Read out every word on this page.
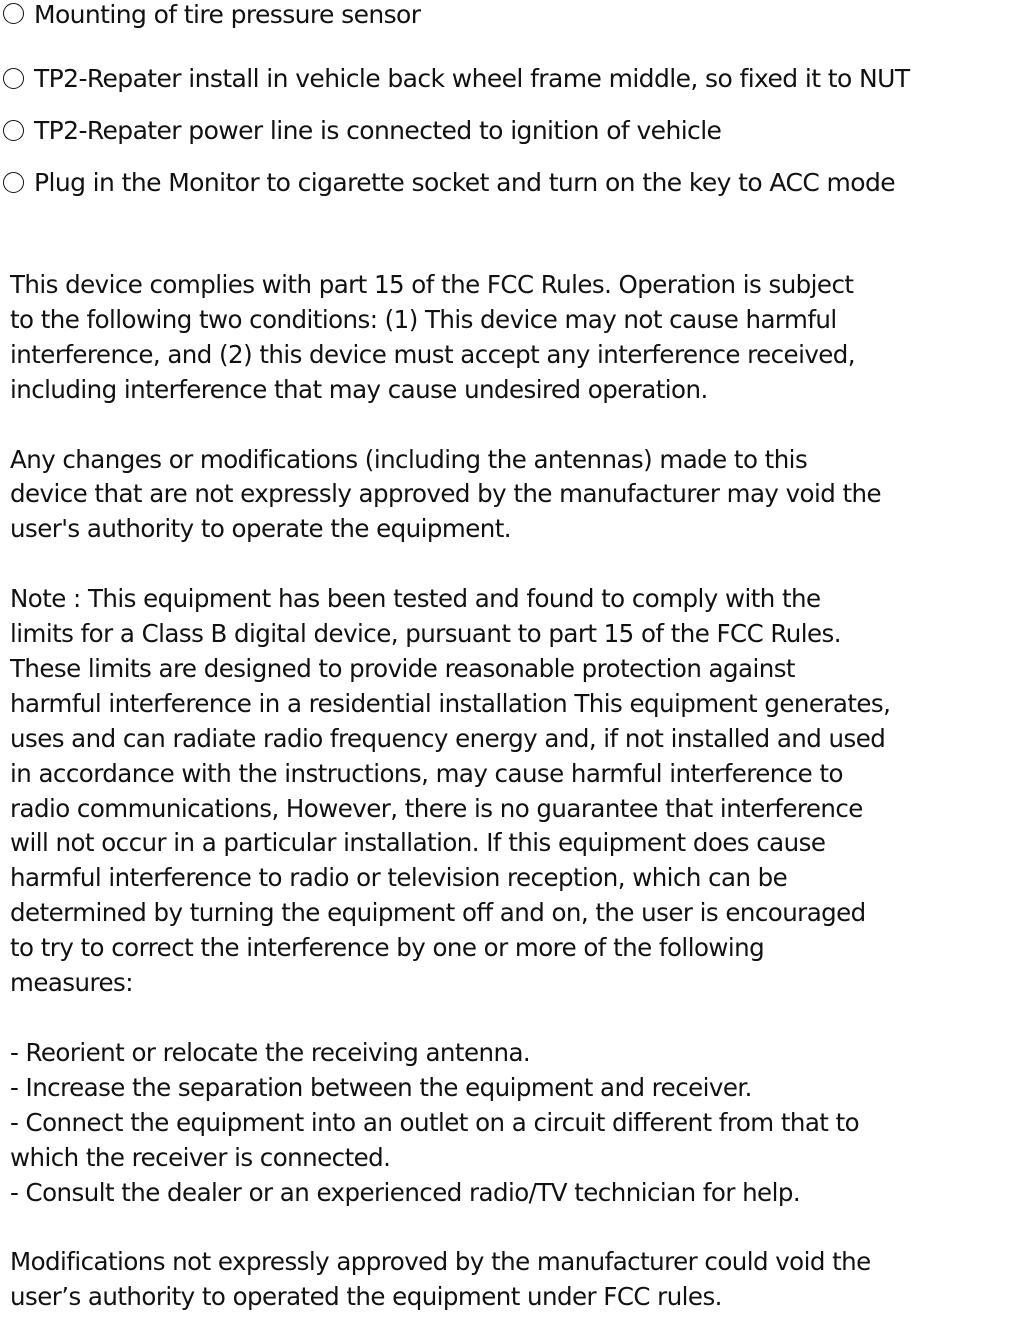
Mounting of tire pressure sensor
TP2-Repater install in vehicle back wheel frame middle, so fixed it to NUT
TP2-Repater power line is connected to ignition of vehicle
Plug in the Monitor to cigarette socket and turn on the key to ACC mode

This device complies with part 15 of the FCC Rules. Operation is subject
to the following two conditions: (1) This device may not cause harmful
interference, and (2) this device must accept any interference received,
including interference that may cause undesired operation.

Any changes or modifications (including the antennas) made to this
device that are not expressly approved by the manufacturer may void the
user's authority to operate the equipment.

Note : This equipment has been tested and found to comply with the
limits for a Class B digital device, pursuant to part 15 of the FCC Rules.
These limits are designed to provide reasonable protection against
harmful interference in a residential installation This equipment generates,
uses and can radiate radio frequency energy and, if not installed and used
in accordance with the instructions, may cause harmful interference to
radio communications, However, there is no guarantee that interference
will not occur in a particular installation. If this equipment does cause
harmful interference to radio or television reception, which can be
determined by turning the equipment off and on, the user is encouraged
to try to correct the interference by one or more of the following
measures:

- Reorient or relocate the receiving antenna.
- Increase the separation between the equipment and receiver.
- Connect the equipment into an outlet on a circuit different from that to
which the receiver is connected.
- Consult the dealer or an experienced radio/TV technician for help.

Modifications not expressly approved by the manufacturer could void the
user’s authority to operated the equipment under FCC rules.
